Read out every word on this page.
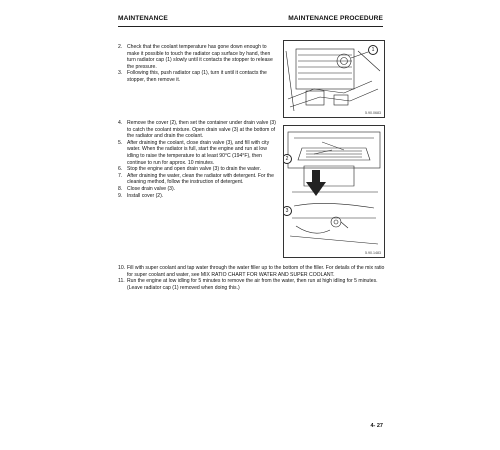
MAINTENANCE	MAINTENANCE PROCEDURE
2. Check that the coolant temperature has gone down enough to make it possible to touch the radiator cap surface by hand, then turn radiator cap (1) slowly until it contacts the stopper to release the pressure.
3. Following this, push radiator cap (1), turn it until it contacts the stopper, then remove it.
1
5.90.0683
4. Remove the cover (2), then set the container under drain valve (3) to catch the coolant mixture. Open drain valve (3) at the bottom of the radiator and drain the coolant.
5. After draining the coolant, close drain valve (3), and fill with city water. When the radiator is full, start the engine and run at low idling to raise the temperature to at least 90°C (194°F), then continue to run for approx. 10 minutes.
6. Stop the engine and open drain valve (3) to drain the water.
7. After draining the water, clean the radiator with detergent. For the cleaning method, follow the instruction of detergent.
8. Close drain valve (3).
9. Install cover (2).
2
3
5.90.1483
10. Fill with super coolant and tap water through the water filler up to the bottom of the filler. For details of the mix ratio for super coolant and water, see MIX RATIO CHART FOR WATER AND SUPER COOLANT.
11. Run the engine at low idling for 5 minutes to remove the air from the water, then run at high idling for 5 minutes. (Leave radiator cap (1) removed when doing this.)
4- 27
